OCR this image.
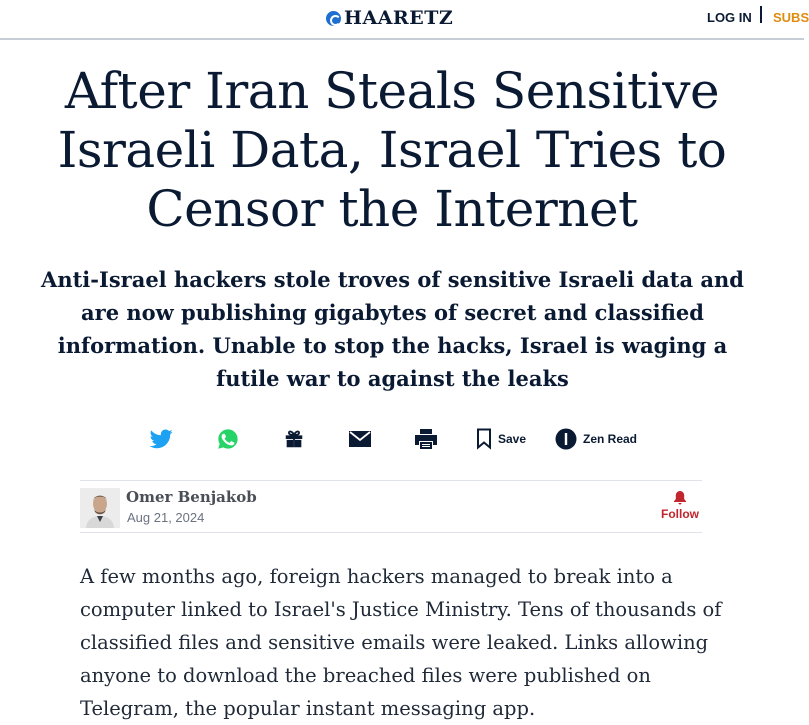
HAARETZ	LOG IN SUBS
After Iran Steals Sensitive Israeli Data, Israel Tries to Censor the Internet
Anti-Israel hackers stole troves of sensitive Israeli data and are now publishing gigabytes of secret and classified information. Unable to stop the hacks, Israel is waging a futile war to against the leaks
Save	Zen Read
Omer Benjakob
Aug 21, 2024	Follow

A few months ago, foreign hackers managed to break into a computer linked to Israel's Justice Ministry. Tens of thousands of classified files and sensitive emails were leaked. Links allowing anyone to download the breached files were published on Telegram, the popular instant messaging app.
